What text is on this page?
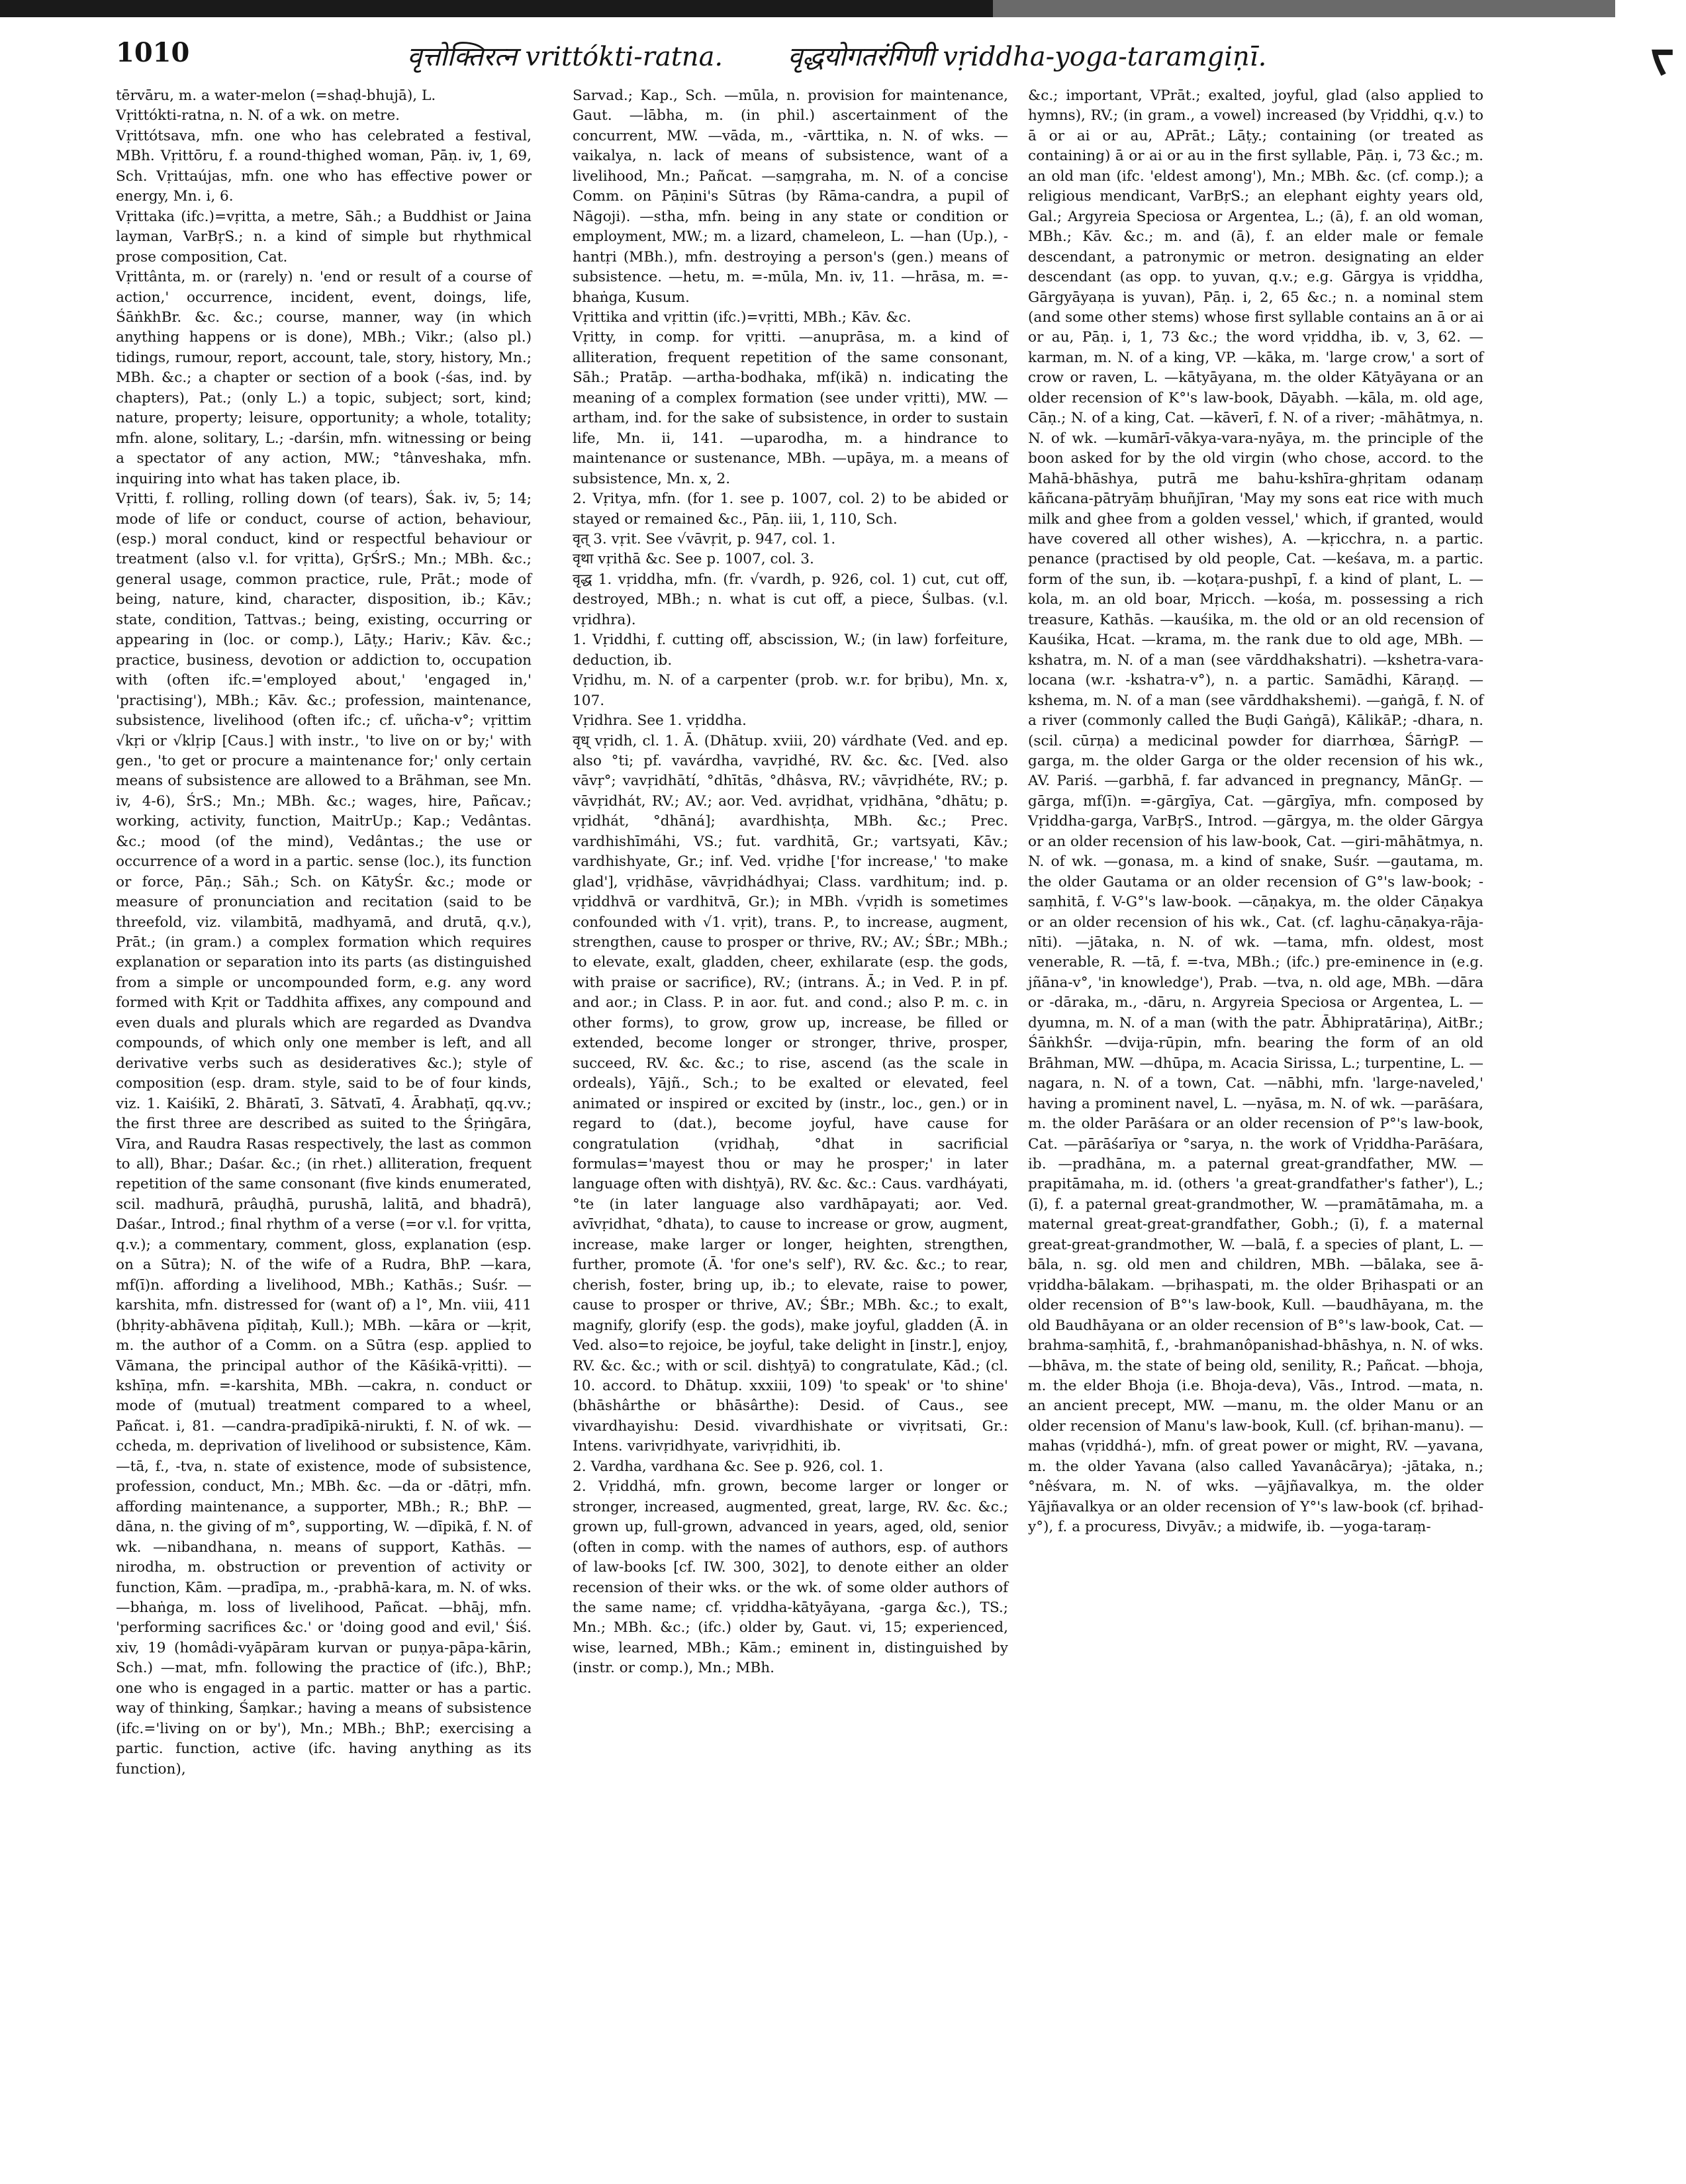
ᡕ
1010	वृत्तोक्तिरत्न vrittókti-ratna. वृद्धयोगतरंगिणी vṛiddha-yoga-taramgiṇī.

tērvāru, m. a water-melon (=shaḍ-bhujā), L.

Vṛittókti-ratna, n. N. of a wk. on metre.

Vṛittótsava, mfn. one who has celebrated a festival, MBh. Vṛittōru, f. a round-thighed woman, Pāṇ. iv, 1, 69, Sch. Vṛittaújas, mfn. one who has effective power or energy, Mn. i, 6.

Vṛittaka (ifc.)=vṛitta, a metre, Sāh.; a Buddhist or Jaina layman, VarBṛS.; n. a kind of simple but rhythmical prose composition, Cat.

Vṛittânta, m. or (rarely) n. 'end or result of a course of action,' occurrence, incident, event, doings, life, ŚāṅkhBr. &c. &c.; course, manner, way (in which anything happens or is done), MBh.; Vikr.; (also pl.) tidings, rumour, report, account, tale, story, history, Mn.; MBh. &c.; a chapter or section of a book (-śas, ind. by chapters), Pat.; (only L.) a topic, subject; sort, kind; nature, property; leisure, opportunity; a whole, totality; mfn. alone, solitary, L.; -darśin, mfn. witnessing or being a spectator of any action, MW.; °tânveshaka, mfn. inquiring into what has taken place, ib.

Vṛitti, f. rolling, rolling down (of tears), Śak. iv, 5; 14; mode of life or conduct, course of action, behaviour, (esp.) moral conduct, kind or respectful behaviour or treatment (also v.l. for vṛitta), GṛŚrS.; Mn.; MBh. &c.; general usage, common practice, rule, Prāt.; mode of being, nature, kind, character, disposition, ib.; Kāv.; state, condition, Tattvas.; being, existing, occurring or appearing in (loc. or comp.), Lāṭy.; Hariv.; Kāv. &c.; practice, business, devotion or addiction to, occupation with (often ifc.='employed about,' 'engaged in,' 'practising'), MBh.; Kāv. &c.; profession, maintenance, subsistence, livelihood (often ifc.; cf. uñcha-v°; vṛittim √kṛi or √klṛip [Caus.] with instr., 'to live on or by;' with gen., 'to get or procure a maintenance for;' only certain means of subsistence are allowed to a Brāhman, see Mn. iv, 4-6), ŚrS.; Mn.; MBh. &c.; wages, hire, Pañcav.; working, activity, function, MaitrUp.; Kap.; Vedântas. &c.; mood (of the mind), Vedântas.; the use or occurrence of a word in a partic. sense (loc.), its function or force, Pāṇ.; Sāh.; Sch. on KātyŚr. &c.; mode or measure of pronunciation and recitation (said to be threefold, viz. vilambitā, madhyamā, and drutā, q.v.), Prāt.; (in gram.) a complex formation which requires explanation or separation into its parts (as distinguished from a simple or uncompounded form, e.g. any word formed with Kṛit or Taddhita affixes, any compound and even duals and plurals which are regarded as Dvandva compounds, of which only one member is left, and all derivative verbs such as desideratives &c.); style of composition (esp. dram. style, said to be of four kinds, viz. 1. Kaiśikī, 2. Bhāratī, 3. Sātvatī, 4. Ārabhaṭī, qq.vv.; the first three are described as suited to the Śṛiṅgāra, Vīra, and Raudra Rasas respectively, the last as common to all), Bhar.; Daśar. &c.; (in rhet.) alliteration, frequent repetition of the same consonant (five kinds enumerated, scil. madhurā, prâuḍhā, purushā, lalitā, and bhadrā), Daśar., Introd.; final rhythm of a verse (=or v.l. for vṛitta, q.v.); a commentary, comment, gloss, explanation (esp. on a Sūtra); N. of the wife of a Rudra, BhP. —kara, mf(ī)n. affording a livelihood, MBh.; Kathās.; Suśr. —karshita, mfn. distressed for (want of) a l°, Mn. viii, 411 (bhṛity-abhāvena pīḍitaḥ, Kull.); MBh. —kāra or —kṛit, m. the author of a Comm. on a Sūtra (esp. applied to Vāmana, the principal author of the Kāśikā-vṛitti). —kshīṇa, mfn. =-karshita, MBh. —cakra, n. conduct or mode of (mutual) treatment compared to a wheel, Pañcat. i, 81. —candra-pradīpikā-nirukti, f. N. of wk. —ccheda, m. deprivation of livelihood or subsistence, Kām. —tā, f., -tva, n. state of existence, mode of subsistence, profession, conduct, Mn.; MBh. &c. —da or -dātṛi, mfn. affording maintenance, a supporter, MBh.; R.; BhP. —dāna, n. the giving of m°, supporting, W. —dīpikā, f. N. of wk. —nibandhana, n. means of support, Kathās. —nirodha, m. obstruction or prevention of activity or function, Kām. —pradīpa, m., -prabhā-kara, m. N. of wks. —bhaṅga, m. loss of livelihood, Pañcat. —bhāj, mfn. 'performing sacrifices &c.' or 'doing good and evil,' Śiś. xiv, 19 (homâdi-vyāpāram kurvan or puṇya-pāpa-kārin, Sch.) —mat, mfn. following the practice of (ifc.), BhP.; one who is engaged in a partic. matter or has a partic. way of thinking, Śaṃkar.; having a means of subsistence (ifc.='living on or by'), Mn.; MBh.; BhP.; exercising a partic. function, active (ifc. having anything as its function),

Sarvad.; Kap., Sch. —mūla, n. provision for maintenance, Gaut. —lābha, m. (in phil.) ascertainment of the concurrent, MW. —vāda, m., -vārttika, n. N. of wks. —vaikalya, n. lack of means of subsistence, want of a livelihood, Mn.; Pañcat. —saṃgraha, m. N. of a concise Comm. on Pāṇini's Sūtras (by Rāma-candra, a pupil of Nāgoji). —stha, mfn. being in any state or condition or employment, MW.; m. a lizard, chameleon, L. —han (Up.), -hantṛi (MBh.), mfn. destroying a person's (gen.) means of subsistence. —hetu, m. =-mūla, Mn. iv, 11. —hrāsa, m. =-bhaṅga, Kusum.

Vṛittika and vṛittin (ifc.)=vṛitti, MBh.; Kāv. &c.

Vṛitty, in comp. for vṛitti. —anuprāsa, m. a kind of alliteration, frequent repetition of the same consonant, Sāh.; Pratāp. —artha-bodhaka, mf(ikā) n. indicating the meaning of a complex formation (see under vṛitti), MW. —artham, ind. for the sake of subsistence, in order to sustain life, Mn. ii, 141. —uparodha, m. a hindrance to maintenance or sustenance, MBh. —upāya, m. a means of subsistence, Mn. x, 2.

2. Vṛitya, mfn. (for 1. see p. 1007, col. 2) to be abided or stayed or remained &c., Pāṇ. iii, 1, 110, Sch.

वृत् 3. vṛit. See √vāvṛit, p. 947, col. 1.

वृथा vṛithā &c. See p. 1007, col. 3.

वृद्ध 1. vṛiddha, mfn. (fr. √vardh, p. 926, col. 1) cut, cut off, destroyed, MBh.; n. what is cut off, a piece, Śulbas. (v.l. vṛidhra).

1. Vṛiddhi, f. cutting off, abscission, W.; (in law) forfeiture, deduction, ib.

Vṛidhu, m. N. of a carpenter (prob. w.r. for bṛibu), Mn. x, 107.

Vṛidhra. See 1. vṛiddha.

वृध् vṛidh, cl. 1. Ā. (Dhātup. xviii, 20) várdhate (Ved. and ep. also °ti; pf. vavárdha, vavṛidhé, RV. &c. &c. [Ved. also vāvṛ°; vavṛidhātí, °dhītās, °dhâsva, RV.; vāvṛidhéte, RV.; p. vāvṛidhát, RV.; AV.; aor. Ved. avṛidhat, vṛidhāna, °dhātu; p. vṛidhát, °dhāná]; avardhishṭa, MBh. &c.; Prec. vardhishīmáhi, VS.; fut. vardhitā, Gr.; vartsyati, Kāv.; vardhishyate, Gr.; inf. Ved. vṛidhe ['for increase,' 'to make glad'], vṛidhāse, vāvṛidhádhyai; Class. vardhitum; ind. p. vṛiddhvā or vardhitvā, Gr.); in MBh. √vṛidh is sometimes confounded with √1. vṛit), trans. P., to increase, augment, strengthen, cause to prosper or thrive, RV.; AV.; ŚBr.; MBh.; to elevate, exalt, gladden, cheer, exhilarate (esp. the gods, with praise or sacrifice), RV.; (intrans. Ā.; in Ved. P. in pf. and aor.; in Class. P. in aor. fut. and cond.; also P. m. c. in other forms), to grow, grow up, increase, be filled or extended, become longer or stronger, thrive, prosper, succeed, RV. &c. &c.; to rise, ascend (as the scale in ordeals), Yājñ., Sch.; to be exalted or elevated, feel animated or inspired or excited by (instr., loc., gen.) or in regard to (dat.), become joyful, have cause for congratulation (vṛidhaḥ, °dhat in sacrificial formulas='mayest thou or may he prosper;' in later language often with dishṭyā), RV. &c. &c.: Caus. vardháyati, °te (in later language also vardhāpayati; aor. Ved. avīvṛidhat, °dhata), to cause to increase or grow, augment, increase, make larger or longer, heighten, strengthen, further, promote (Ā. 'for one's self'), RV. &c. &c.; to rear, cherish, foster, bring up, ib.; to elevate, raise to power, cause to prosper or thrive, AV.; ŚBr.; MBh. &c.; to exalt, magnify, glorify (esp. the gods), make joyful, gladden (Ā. in Ved. also=to rejoice, be joyful, take delight in [instr.], enjoy, RV. &c. &c.; with or scil. dishṭyā) to congratulate, Kād.; (cl. 10. accord. to Dhātup. xxxiii, 109) 'to speak' or 'to shine' (bhāshârthe or bhāsârthe): Desid. of Caus., see vivardhayishu: Desid. vivardhishate or vivṛitsati, Gr.: Intens. varivṛidhyate, varivṛidhiti, ib.

2. Vardha, vardhana &c. See p. 926, col. 1.

2. Vṛiddhá, mfn. grown, become larger or longer or stronger, increased, augmented, great, large, RV. &c. &c.; grown up, full-grown, advanced in years, aged, old, senior (often in comp. with the names of authors, esp. of authors of law-books [cf. IW. 300, 302], to denote either an older recension of their wks. or the wk. of some older authors of the same name; cf. vṛiddha-kātyāyana, -garga &c.), TS.; Mn.; MBh. &c.; (ifc.) older by, Gaut. vi, 15; experienced, wise, learned, MBh.; Kām.; eminent in, distinguished by (instr. or comp.), Mn.; MBh.

&c.; important, VPrāt.; exalted, joyful, glad (also applied to hymns), RV.; (in gram., a vowel) increased (by Vṛiddhi, q.v.) to ā or ai or au, APrāt.; Lāṭy.; containing (or treated as containing) ā or ai or au in the first syllable, Pāṇ. i, 73 &c.; m. an old man (ifc. 'eldest among'), Mn.; MBh. &c. (cf. comp.); a religious mendicant, VarBṛS.; an elephant eighty years old, Gal.; Argyreia Speciosa or Argentea, L.; (ā), f. an old woman, MBh.; Kāv. &c.; m. and (ā), f. an elder male or female descendant, a patronymic or metron. designating an elder descendant (as opp. to yuvan, q.v.; e.g. Gārgya is vṛiddha, Gārgyāyaṇa is yuvan), Pāṇ. i, 2, 65 &c.; n. a nominal stem (and some other stems) whose first syllable contains an ā or ai or au, Pāṇ. i, 1, 73 &c.; the word vṛiddha, ib. v, 3, 62. —karman, m. N. of a king, VP. —kāka, m. 'large crow,' a sort of crow or raven, L. —kātyāyana, m. the older Kātyāyana or an older recension of K°'s law-book, Dāyabh. —kāla, m. old age, Cāṇ.; N. of a king, Cat. —kāverī, f. N. of a river; -māhātmya, n. N. of wk. —kumārī-vākya-vara-nyāya, m. the principle of the boon asked for by the old virgin (who chose, accord. to the Mahā-bhāshya, putrā me bahu-kshīra-ghṛitam odanaṃ kāñcana-pātryāṃ bhuñjīran, 'May my sons eat rice with much milk and ghee from a golden vessel,' which, if granted, would have covered all other wishes), A. —kṛicchra, n. a partic. penance (practised by old people, Cat. —keśava, m. a partic. form of the sun, ib. —koṭara-pushpī, f. a kind of plant, L. —kola, m. an old boar, Mṛicch. —kośa, m. possessing a rich treasure, Kathās. —kauśika, m. the old or an old recension of Kauśika, Hcat. —krama, m. the rank due to old age, MBh. —kshatra, m. N. of a man (see vārddhakshatri). —kshetra-vara-locana (w.r. -kshatra-v°), n. a partic. Samādhi, Kāraṇḍ. —kshema, m. N. of a man (see vārddhakshemi). —gaṅgā, f. N. of a river (commonly called the Buḍi Gaṅgā), KālikāP.; -dhara, n. (scil. cūrṇa) a medicinal powder for diarrhœa, ŚārṅgP. —garga, m. the older Garga or the older recension of his wk., AV. Pariś. —garbhā, f. far advanced in pregnancy, MānGṛ. —gārga, mf(ī)n. =-gārgīya, Cat. —gārgīya, mfn. composed by Vṛiddha-garga, VarBṛS., Introd. —gārgya, m. the older Gārgya or an older recension of his law-book, Cat. —giri-māhātmya, n. N. of wk. —gonasa, m. a kind of snake, Suśr. —gautama, m. the older Gautama or an older recension of G°'s law-book; -saṃhitā, f. V-G°'s law-book. —cāṇakya, m. the older Cāṇakya or an older recension of his wk., Cat. (cf. laghu-cāṇakya-rāja-nīti). —jātaka, n. N. of wk. —tama, mfn. oldest, most venerable, R. —tā, f. =-tva, MBh.; (ifc.) pre-eminence in (e.g. jñāna-v°, 'in knowledge'), Prab. —tva, n. old age, MBh. —dāra or -dāraka, m., -dāru, n. Argyreia Speciosa or Argentea, L. —dyumna, m. N. of a man (with the patr. Ābhipratāriṇa), AitBr.; ŚāṅkhŚr. —dvija-rūpin, mfn. bearing the form of an old Brāhman, MW. —dhūpa, m. Acacia Sirissa, L.; turpentine, L. —nagara, n. N. of a town, Cat. —nābhi, mfn. 'large-naveled,' having a prominent navel, L. —nyāsa, m. N. of wk. —parāśara, m. the older Parāśara or an older recension of P°'s law-book, Cat. —pārāśarīya or °sarya, n. the work of Vṛiddha-Parāśara, ib. —pradhāna, m. a paternal great-grandfather, MW. —prapitāmaha, m. id. (others 'a great-grandfather's father'), L.; (ī), f. a paternal great-grandmother, W. —pramātāmaha, m. a maternal great-great-grandfather, Gobh.; (ī), f. a maternal great-great-grandmother, W. —balā, f. a species of plant, L. —bāla, n. sg. old men and children, MBh. —bālaka, see ā-vṛiddha-bālakam. —bṛihaspati, m. the older Bṛihaspati or an older recension of B°'s law-book, Kull. —baudhāyana, m. the old Baudhāyana or an older recension of B°'s law-book, Cat. —brahma-saṃhitā, f., -brahmanôpanishad-bhāshya, n. N. of wks. —bhāva, m. the state of being old, senility, R.; Pañcat. —bhoja, m. the elder Bhoja (i.e. Bhoja-deva), Vās., Introd. —mata, n. an ancient precept, MW. —manu, m. the older Manu or an older recension of Manu's law-book, Kull. (cf. bṛihan-manu). —mahas (vṛiddhá-), mfn. of great power or might, RV. —yavana, m. the older Yavana (also called Yavanâcārya); -jātaka, n.; °nêśvara, m. N. of wks. —yājñavalkya, m. the older Yājñavalkya or an older recension of Y°'s law-book (cf. bṛihad-y°), f. a procuress, Divyāv.; a midwife, ib. —yoga-taraṃ-
